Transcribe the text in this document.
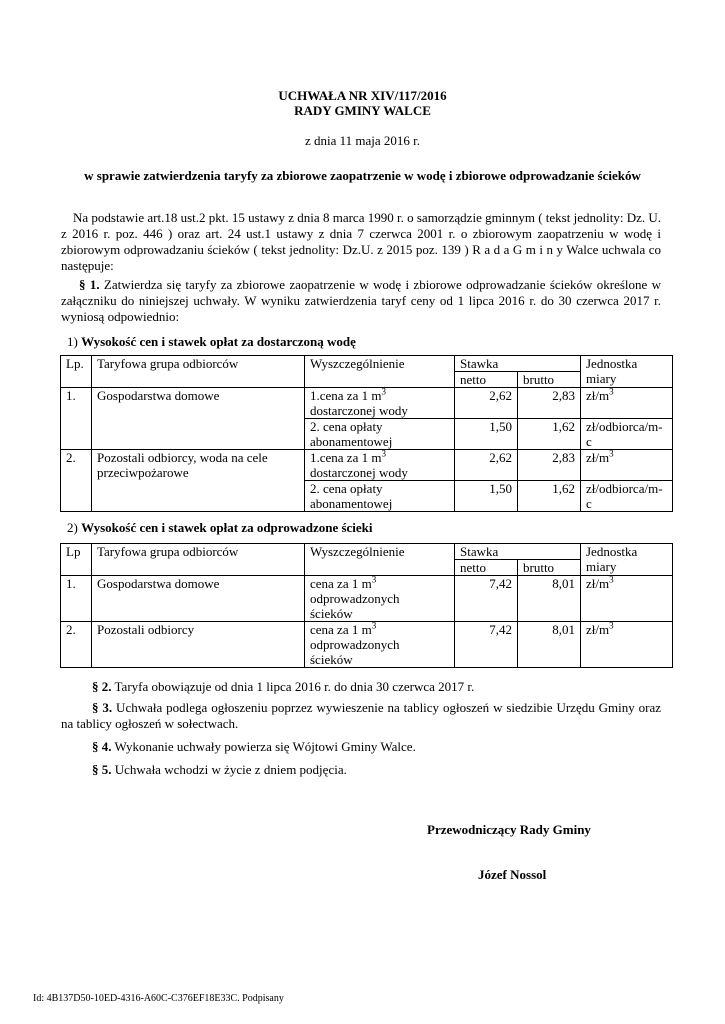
UCHWAŁA NR XIV/117/2016
RADY GMINY WALCE
z dnia 11 maja 2016 r.
w sprawie zatwierdzenia taryfy za zbiorowe zaopatrzenie w wodę i zbiorowe odprowadzanie ścieków
Na podstawie art.18 ust.2 pkt. 15 ustawy z dnia 8 marca 1990 r. o samorządzie gminnym ( tekst jednolity: Dz. U. z 2016 r. poz. 446 ) oraz art. 24 ust.1 ustawy z dnia 7 czerwca 2001 r. o zbiorowym zaopatrzeniu w wodę i zbiorowym odprowadzaniu ścieków ( tekst jednolity: Dz.U. z 2015 poz. 139 ) R a d a G m i n y Walce uchwala co następuje:
§ 1. Zatwierdza się taryfy za zbiorowe zaopatrzenie w wodę i zbiorowe odprowadzanie ścieków określone w załączniku do niniejszej uchwały. W wyniku zatwierdzenia taryf ceny od 1 lipca 2016 r. do 30 czerwca 2017 r. wyniosą odpowiednio:
1) Wysokość cen i stawek opłat za dostarczoną wodę
Lp.	Taryfowa grupa odbiorców	Wyszczególnienie	Stawka		Jednostka miary
			netto	brutto	
1.	Gospodarstwa domowe	1.cena za 1 $m^3$
dostarczonej wody	2,62	2,83	$zł/m^3$
		2. cena opłaty
abonamentowej	1,50	1,62	zł/odbiorca/m-c
2.	Pozostali odbiorcy, woda na cele przeciwpożarowe	1.cena za 1 $m^3$
dostarczonej wody	2,62	2,83	$zł/m^3$
		2. cena opłaty
abonamentowej	1,50	1,62	zł/odbiorca/m-c
2) Wysokość cen i stawek opłat za odprowadzone ścieki
Lp	Taryfowa grupa odbiorców	Wyszczególnienie	Stawka		Jednostka miary
			netto	brutto	
1.	Gospodarstwa domowe	cena za 1 $m^3$
odprowadzonych
ścieków	7,42	8,01	$zł/m^3$
2.	Pozostali odbiorcy	cena za 1 $m^3$
odprowadzonych
ścieków	7,42	8,01	$zł/m^3$
§ 2. Taryfa obowiązuje od dnia 1 lipca 2016 r. do dnia 30 czerwca 2017 r.
§ 3. Uchwała podlega ogłoszeniu poprzez wywieszenie na tablicy ogłoszeń w siedzibie Urzędu Gminy oraz na tablicy ogłoszeń w sołectwach.
§ 4. Wykonanie uchwały powierza się Wójtowi Gminy Walce.
§ 5. Uchwała wchodzi w życie z dniem podjęcia.
Przewodniczący Rady Gminy
Józef Nossol
Id: 4B137D50-10ED-4316-A60C-C376EF18E33C. Podpisany
